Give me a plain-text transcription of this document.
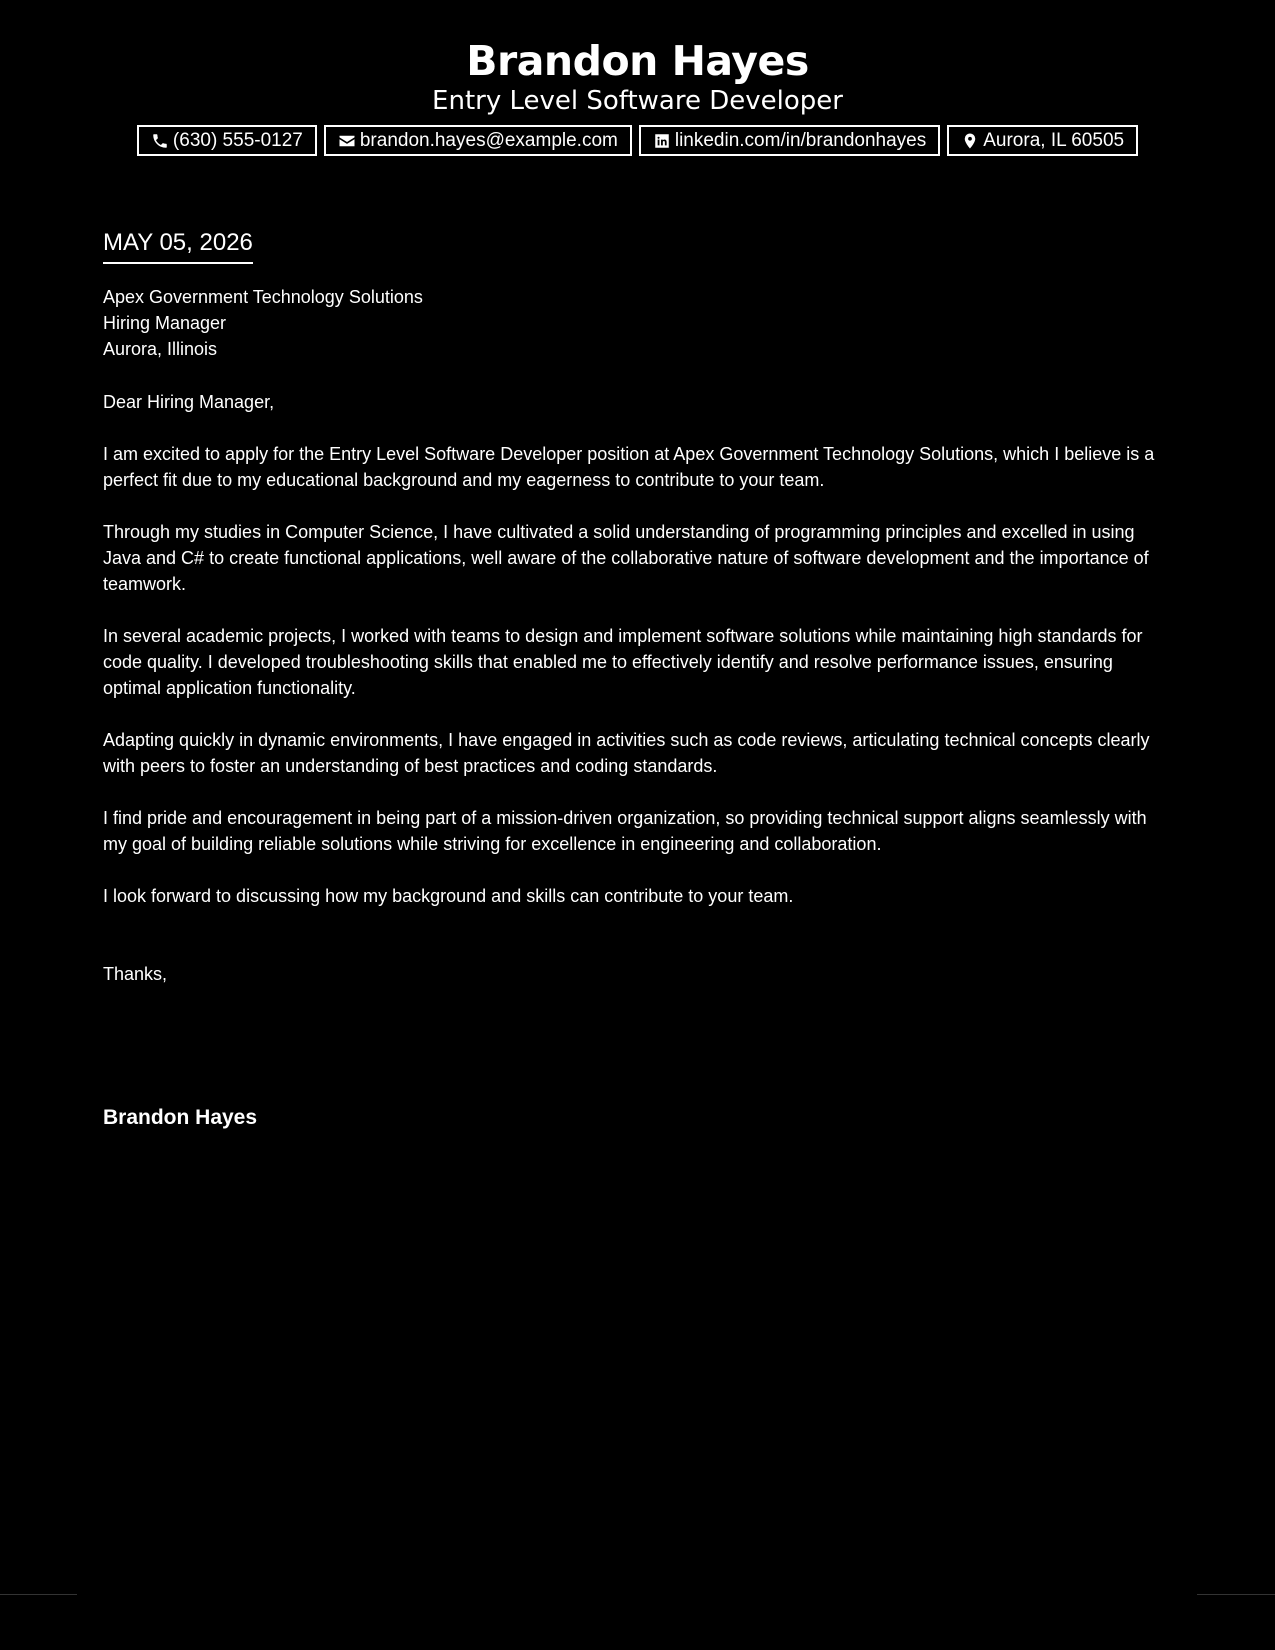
Brandon Hayes
Entry Level Software Developer
(630) 555-0127	brandon.hayes@example.com	linkedin.com/in/brandonhayes	Aurora, IL 60505
MAY 05, 2026
Apex Government Technology Solutions
Hiring Manager
Aurora, Illinois
Dear Hiring Manager,
I am excited to apply for the Entry Level Software Developer position at Apex Government Technology Solutions, which I believe is a perfect fit due to my educational background and my eagerness to contribute to your team.
Through my studies in Computer Science, I have cultivated a solid understanding of programming principles and excelled in using Java and C# to create functional applications, well aware of the collaborative nature of software development and the importance of teamwork.
In several academic projects, I worked with teams to design and implement software solutions while maintaining high standards for code quality. I developed troubleshooting skills that enabled me to effectively identify and resolve performance issues, ensuring optimal application functionality.
Adapting quickly in dynamic environments, I have engaged in activities such as code reviews, articulating technical concepts clearly with peers to foster an understanding of best practices and coding standards.
I find pride and encouragement in being part of a mission-driven organization, so providing technical support aligns seamlessly with my goal of building reliable solutions while striving for excellence in engineering and collaboration.
I look forward to discussing how my background and skills can contribute to your team.
Thanks,
Brandon Hayes
